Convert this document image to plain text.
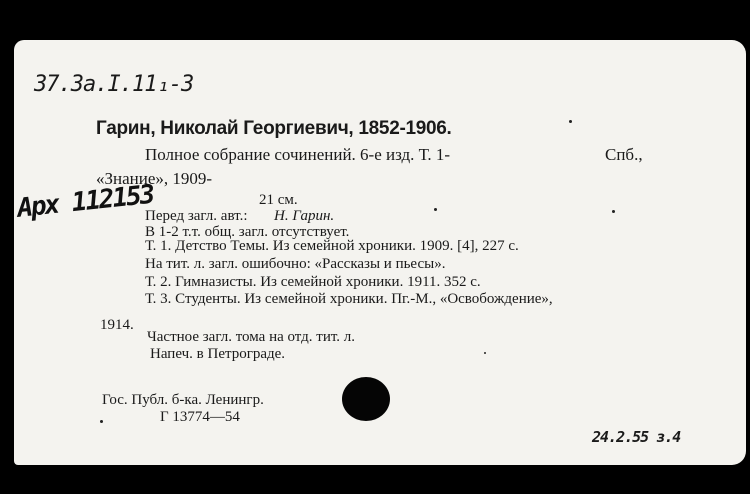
37.3a.I.11₁-3
Арх 112153
Гарин, Николай Георгиевич, 1852-1906.
Полное собрание сочинений. 6-е изд. Т. 1-	Спб.,
«Знание», 1909-
21 см.
Перед загл. авт.: Н. Гарин.
В 1-2 т.т. общ. загл. отсутствует.
Т. 1. Детство Темы. Из семейной хроники. 1909. [4], 227 с.
На тит. л. загл. ошибочно: «Рассказы и пьесы».
Т. 2. Гимназисты. Из семейной хроники. 1911. 352 с.
Т. 3. Студенты. Из семейной хроники. Пг.-М., «Освобождение»,
1914.
Частное загл. тома на отд. тит. л.
Напеч. в Петрограде.
Гос. Публ. б-ка. Ленингр.
Г 13774—54
24.2.55 з.4
